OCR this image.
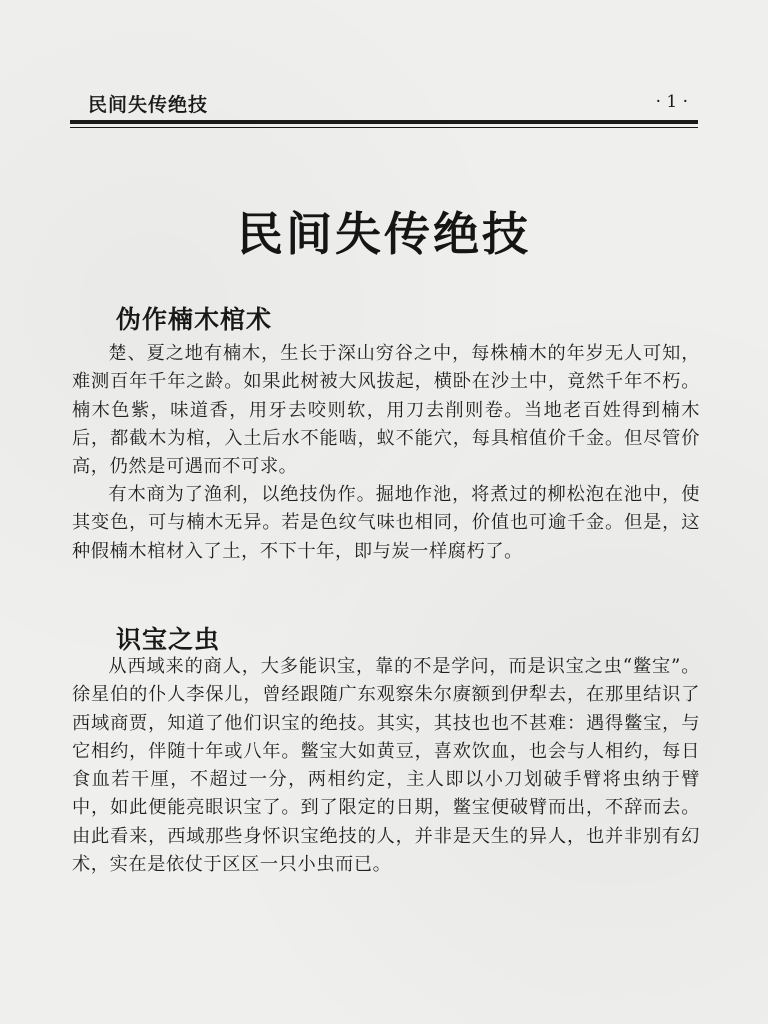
民间失传绝技	· 1 ·
民间失传绝技
伪作楠木棺术

楚、夏之地有楠木，生长于深山穷谷之中，每株楠木的年岁无人可知，难测百年千年之龄。如果此树被大风拔起，横卧在沙土中，竟然千年不朽。楠木色紫，味道香，用牙去咬则软，用刀去削则卷。当地老百姓得到楠木后，都截木为棺，入土后水不能啮，蚁不能穴，每具棺值价千金。但尽管价高，仍然是可遇而不可求。

有木商为了渔利，以绝技伪作。掘地作池，将煮过的柳松泡在池中，使其变色，可与楠木无异。若是色纹气味也相同，价值也可逾千金。但是，这种假楠木棺材入了土，不下十年，即与炭一样腐朽了。

识宝之虫

从西域来的商人，大多能识宝，靠的不是学问，而是识宝之虫“鳖宝”。徐星伯的仆人李保儿，曾经跟随广东观察朱尔赓额到伊犁去，在那里结识了西域商贾，知道了他们识宝的绝技。其实，其技也也不甚难：遇得鳖宝，与它相约，伴随十年或八年。鳖宝大如黄豆，喜欢饮血，也会与人相约，每日食血若干厘，不超过一分，两相约定，主人即以小刀划破手臂将虫纳于臂中，如此便能亮眼识宝了。到了限定的日期，鳖宝便破臂而出，不辞而去。由此看来，西域那些身怀识宝绝技的人，并非是天生的异人，也并非别有幻术，实在是依仗于区区一只小虫而已。
